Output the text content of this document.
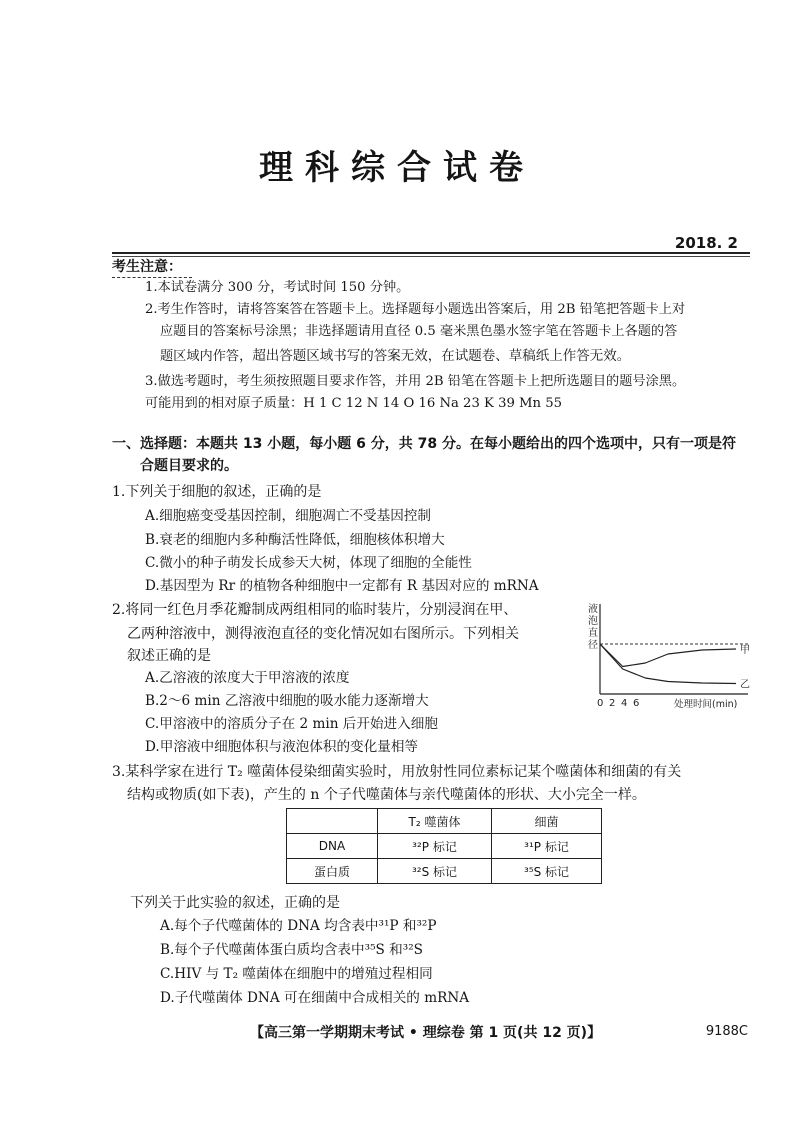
理科综合试卷
2018. 2
考生注意：
1.本试卷满分 300 分，考试时间 150 分钟。
2.考生作答时，请将答案答在答题卡上。选择题每小题选出答案后，用 2B 铅笔把答题卡上对
应题目的答案标号涂黑；非选择题请用直径 0.5 毫米黑色墨水签字笔在答题卡上各题的答
题区域内作答，超出答题区域书写的答案无效，在试题卷、草稿纸上作答无效。
3.做选考题时，考生须按照题目要求作答，并用 2B 铅笔在答题卡上把所选题目的题号涂黑。
可能用到的相对原子质量：H 1 C 12 N 14 O 16 Na 23 K 39 Mn 55
一、选择题：本题共 13 小题，每小题 6 分，共 78 分。在每小题给出的四个选项中，只有一项是符
合题目要求的。
1.下列关于细胞的叙述，正确的是
A.细胞癌变受基因控制，细胞凋亡不受基因控制
B.衰老的细胞内多种酶活性降低，细胞核体积增大
C.微小的种子萌发长成参天大树，体现了细胞的全能性
D.基因型为 Rr 的植物各种细胞中一定都有 R 基因对应的 mRNA
2.将同一红色月季花瓣制成两组相同的临时装片，分别浸润在甲、
乙两种溶液中，测得液泡直径的变化情况如右图所示。下列相关
叙述正确的是
A.乙溶液的浓度大于甲溶液的浓度
B.2～6 min 乙溶液中细胞的吸水能力逐渐增大
C.甲溶液中的溶质分子在 2 min 后开始进入细胞
D.甲溶液中细胞体积与液泡体积的变化量相等
液
泡
直
径	甲
乙
0 2 4 6	处理时间(min)
3.某科学家在进行 T₂ 噬菌体侵染细菌实验时，用放射性同位素标记某个噬菌体和细菌的有关
结构或物质(如下表)，产生的 n 个子代噬菌体与亲代噬菌体的形状、大小完全一样。
	T₂ 噬菌体	细菌
DNA	³²P 标记	³¹P 标记
蛋白质	³²S 标记	³⁵S 标记
下列关于此实验的叙述，正确的是
A.每个子代噬菌体的 DNA 均含表中³¹P 和³²P
B.每个子代噬菌体蛋白质均含表中³⁵S 和³²S
C.HIV 与 T₂ 噬菌体在细胞中的增殖过程相同
D.子代噬菌体 DNA 可在细菌中合成相关的 mRNA
【高三第一学期期末考试 • 理综卷 第 1 页(共 12 页)】	9188C
